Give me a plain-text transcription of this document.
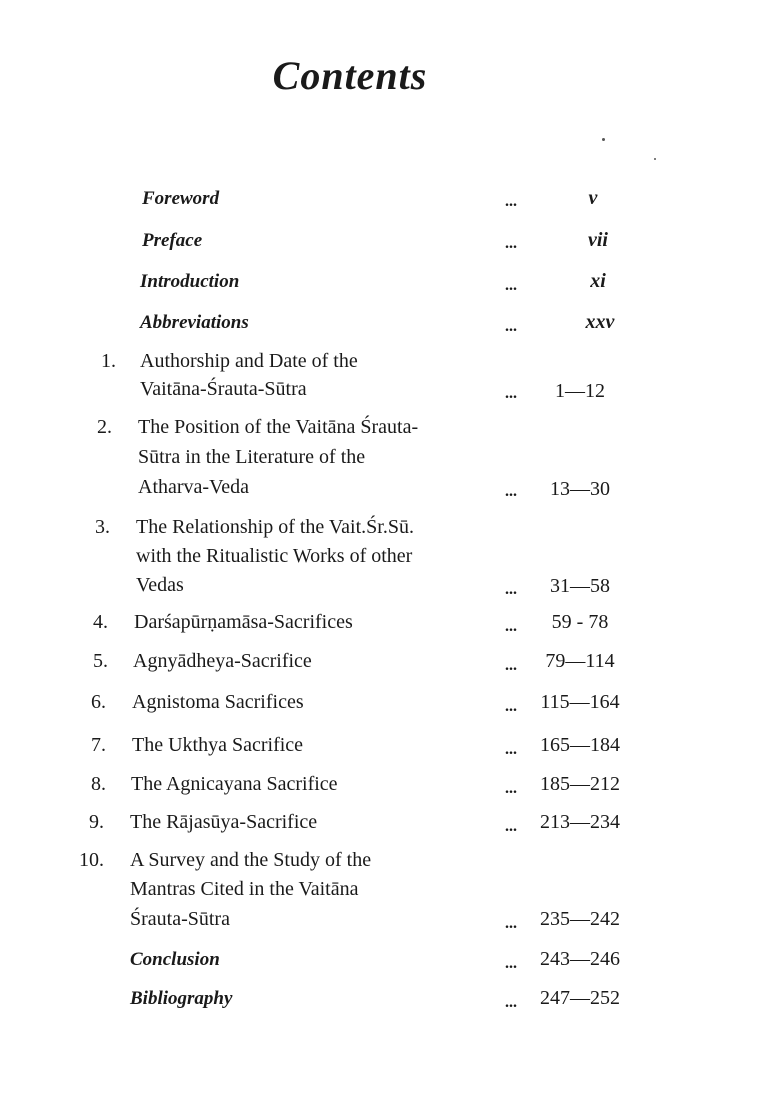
Contents
Foreword	...	v
Preface	...	vii
Introduction	...	xi
Abbreviations	...	xxv
1. Authorship and Date of the
Vaitāna-Śrauta-Sūtra	...	1—12
2. The Position of the Vaitāna Śrauta-
Sūtra in the Literature of the
Atharva-Veda	...	13—30
3. The Relationship of the Vait.Śr.Sū.
with the Ritualistic Works of other
Vedas	...	31—58
4. Darśapūrṇamāsa-Sacrifices	...	59 - 78
5. Agnyādheya-Sacrifice	...	79—114
6. Agnistoma Sacrifices	...	115—164
7. The Ukthya Sacrifice	...	165—184
8. The Agnicayana Sacrifice	...	185—212
9. The Rājasūya-Sacrifice	...	213—234
10. A Survey and the Study of the
Mantras Cited in the Vaitāna
Śrauta-Sūtra	...	235—242
Conclusion	...	243—246
Bibliography	...	247—252
